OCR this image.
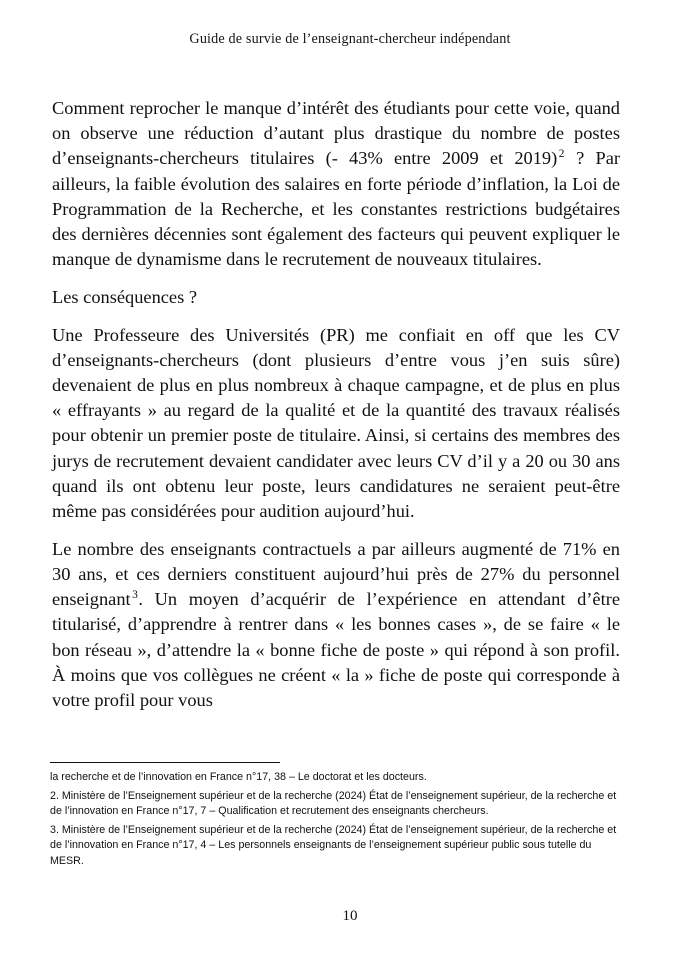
Guide de survie de l’enseignant-chercheur indépendant

Comment reprocher le manque d’intérêt des étudiants pour cette voie, quand on observe une réduction d’autant plus drastique du nombre de postes d’enseignants-chercheurs titulaires (- 43% entre 2009 et 2019) $^2$ ? Par ailleurs, la faible évolution des salaires en forte période d’inflation, la Loi de Programmation de la Recherche, et les constantes restrictions budgétaires des dernières décennies sont également des facteurs qui peuvent expliquer le manque de dynamisme dans le recrutement de nouveaux titulaires.

Les conséquences ?

Une Professeure des Universités (PR) me confiait en off que les CV d’enseignants-chercheurs (dont plusieurs d’entre vous j’en suis sûre) devenaient de plus en plus nombreux à chaque campagne, et de plus en plus « effrayants » au regard de la qualité et de la quantité des travaux réalisés pour obtenir un premier poste de titulaire. Ainsi, si certains des membres des jurys de recrutement devaient candidater avec leurs CV d’il y a 20 ou 30 ans quand ils ont obtenu leur poste, leurs candidatures ne seraient peut-être même pas considérées pour audition aujourd’hui.

Le nombre des enseignants contractuels a par ailleurs augmenté de 71% en 30 ans, et ces derniers constituent aujourd’hui près de 27% du personnel enseignant $^3$. Un moyen d’acquérir de l’expérience en attendant d’être titularisé, d’apprendre à rentrer dans « les bonnes cases », de se faire « le bon réseau », d’attendre la « bonne fiche de poste » qui répond à son profil. À moins que vos collègues ne créent « la » fiche de poste qui corresponde à votre profil pour vous

la recherche et de l’innovation en France n°17, 38 – Le doctorat et les docteurs.

2. Ministère de l’Enseignement supérieur et de la recherche (2024) État de l’enseignement supérieur, de la recherche et de l’innovation en France n°17, 7 – Qualification et recrutement des enseignants chercheurs.

3. Ministère de l’Enseignement supérieur et de la recherche (2024) État de l’enseignement supérieur, de la recherche et de l’innovation en France n°17, 4 – Les personnels enseignants de l’enseignement supérieur public sous tutelle du MESR.

10
